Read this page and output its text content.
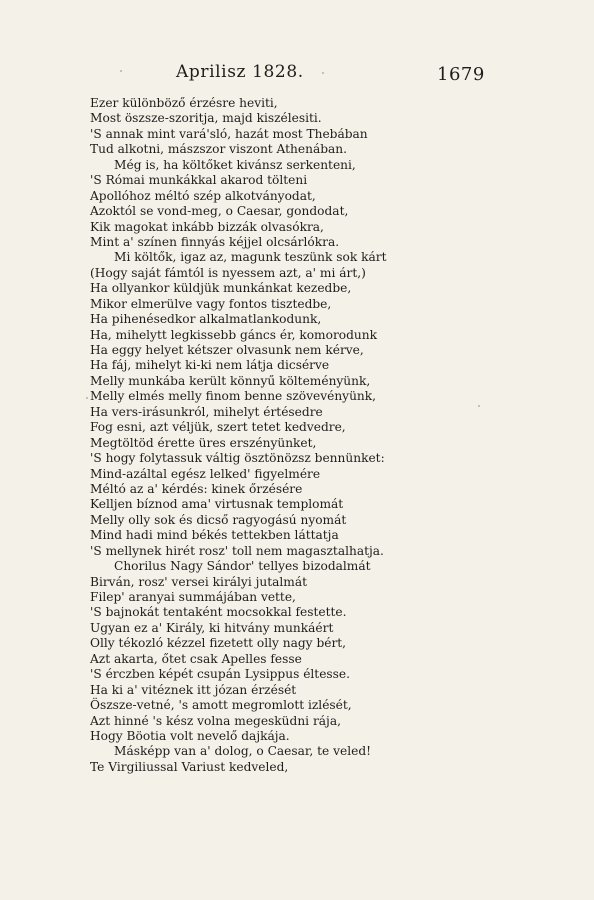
Aprilisz 1828.	1679
Ezer különböző érzésre heviti,
Most öszsze-szoritja, majd kiszélesiti.
'S annak mint vará'sló, hazát most Thebában
Tud alkotni, mászszor viszont Athenában.
Még is, ha költőket kivánsz serkenteni,
'S Római munkákkal akarod tölteni
Apollóhoz méltó szép alkotványodat,
Azoktól se vond-meg, o Caesar, gondodat,
Kik magokat inkább bizzák olvasókra,
Mint a' színen finnyás kéjjel olcsárlókra.
Mi költők, igaz az, magunk teszünk sok kárt
(Hogy saját fámtól is nyessem azt, a' mi árt,)
Ha ollyankor küldjük munkánkat kezedbe,
Mikor elmerülve vagy fontos tisztedbe,
Ha pihenésedkor alkalmatlankodunk,
Ha, mihelytt legkissebb gáncs ér, komorodunk
Ha eggy helyet kétszer olvasunk nem kérve,
Ha fáj, mihelyt ki-ki nem látja dicsérve
Melly munkába került könnyű költeményünk,
Melly elmés melly finom benne szövevényünk,
Ha vers-irásunkról, mihelyt értésedre
Fog esni, azt véljük, szert tetet kedvedre,
Megtöltöd érette üres erszényünket,
'S hogy folytassuk váltig ösztönözsz bennünket:
Mind-azáltal egész lelked' figyelmére
Méltó az a' kérdés: kinek őrzésére
Kelljen bíznod ama' virtusnak templomát
Melly olly sok és dicső ragyogású nyomát
Mind hadi mind békés tettekben láttatja
'S mellynek hirét rosz' toll nem magasztalhatja.
Chorilus Nagy Sándor' tellyes bizodalmát
Birván, rosz' versei királyi jutalmát
Filep' aranyai summájában vette,
'S bajnokát tentaként mocsokkal festette.
Ugyan ez a' Király, ki hitvány munkáért
Olly tékozló kézzel fizetett olly nagy bért,
Azt akarta, őtet csak Apelles fesse
'S érczben képét csupán Lysippus éltesse.
Ha ki a' vitéznek itt józan érzését
Öszsze-vetné, 's amott megromlott izlését,
Azt hinné 's kész volna megesküdni rája,
Hogy Böotia volt nevelő dajkája.
Másképp van a' dolog, o Caesar, te veled!
Te Virgiliussal Variust kedveled,
